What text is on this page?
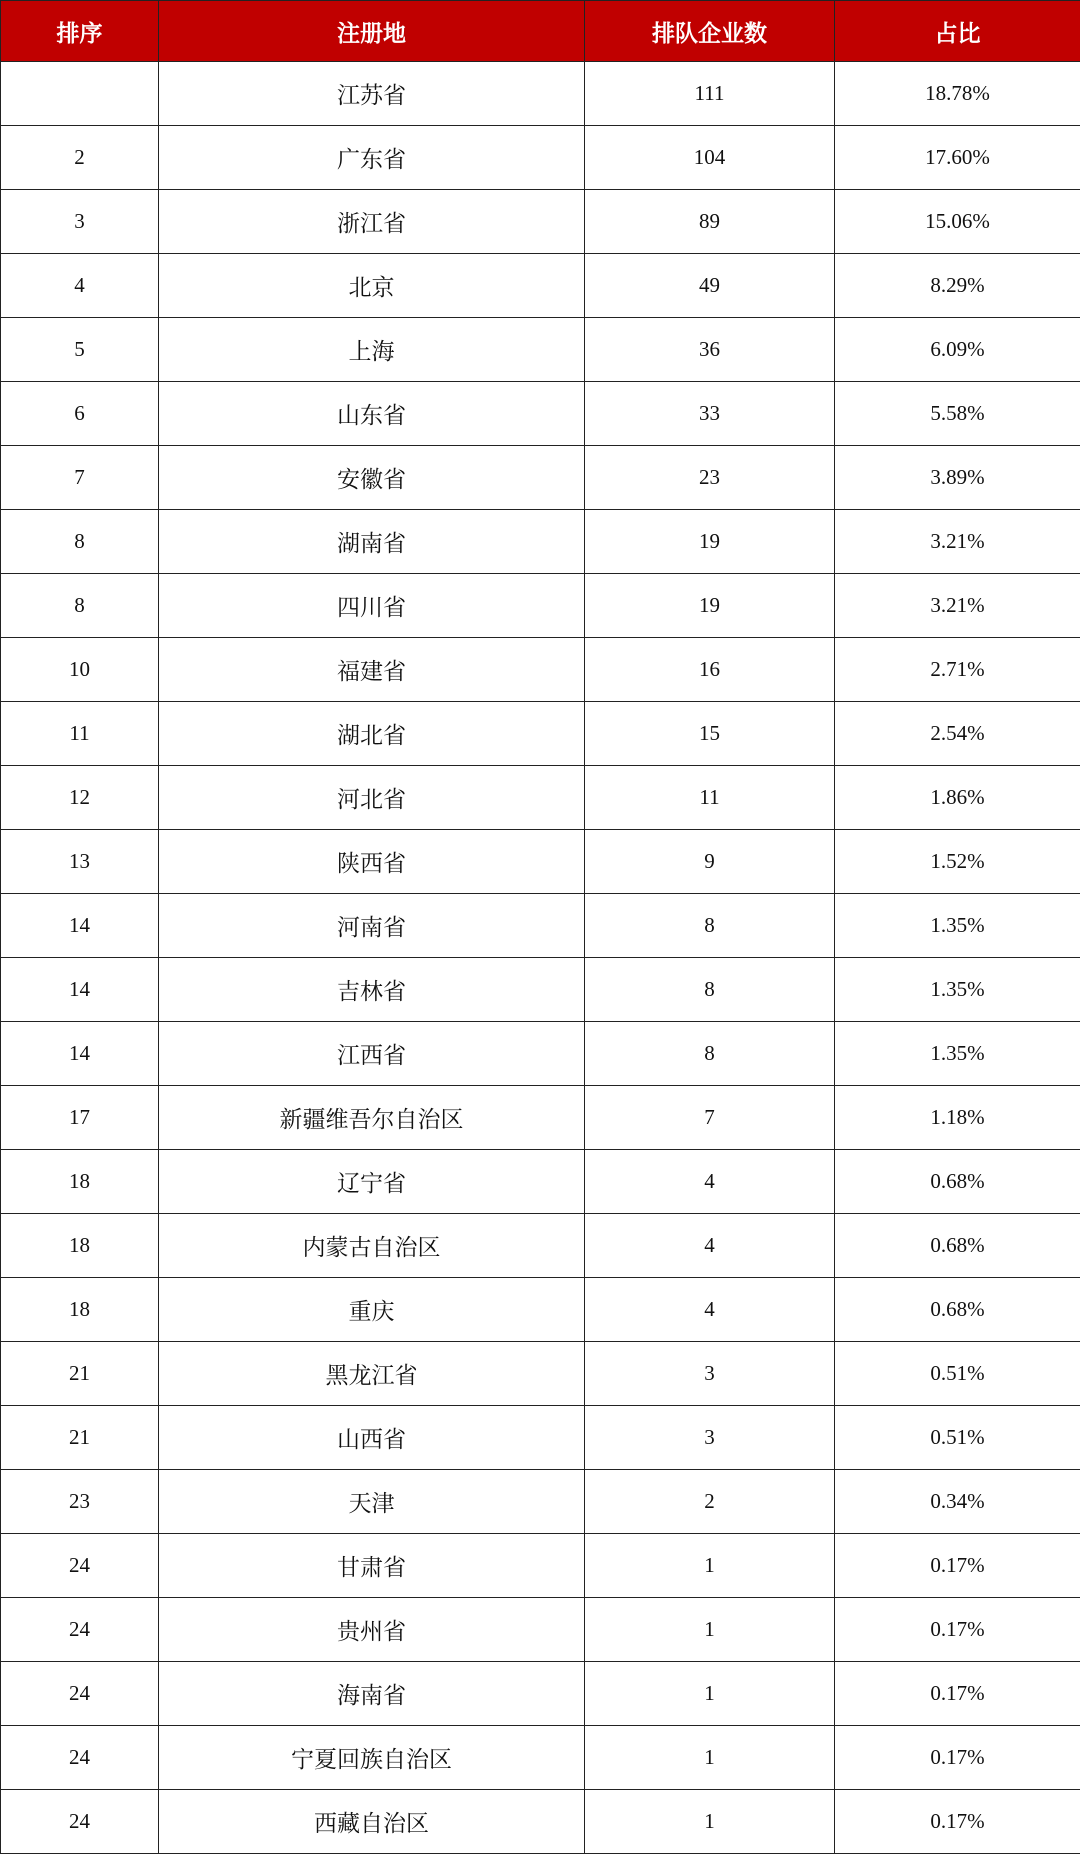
排序	注册地	排队企业数	占比
	江苏省	111	18.78%
2	广东省	104	17.60%
3	浙江省	89	15.06%
4	北京	49	8.29%
5	上海	36	6.09%
6	山东省	33	5.58%
7	安徽省	23	3.89%
8	湖南省	19	3.21%
8	四川省	19	3.21%
10	福建省	16	2.71%
11	湖北省	15	2.54%
12	河北省	11	1.86%
13	陕西省	9	1.52%
14	河南省	8	1.35%
14	吉林省	8	1.35%
14	江西省	8	1.35%
17	新疆维吾尔自治区	7	1.18%
18	辽宁省	4	0.68%
18	内蒙古自治区	4	0.68%
18	重庆	4	0.68%
21	黑龙江省	3	0.51%
21	山西省	3	0.51%
23	天津	2	0.34%
24	甘肃省	1	0.17%
24	贵州省	1	0.17%
24	海南省	1	0.17%
24	宁夏回族自治区	1	0.17%
24	西藏自治区	1	0.17%
